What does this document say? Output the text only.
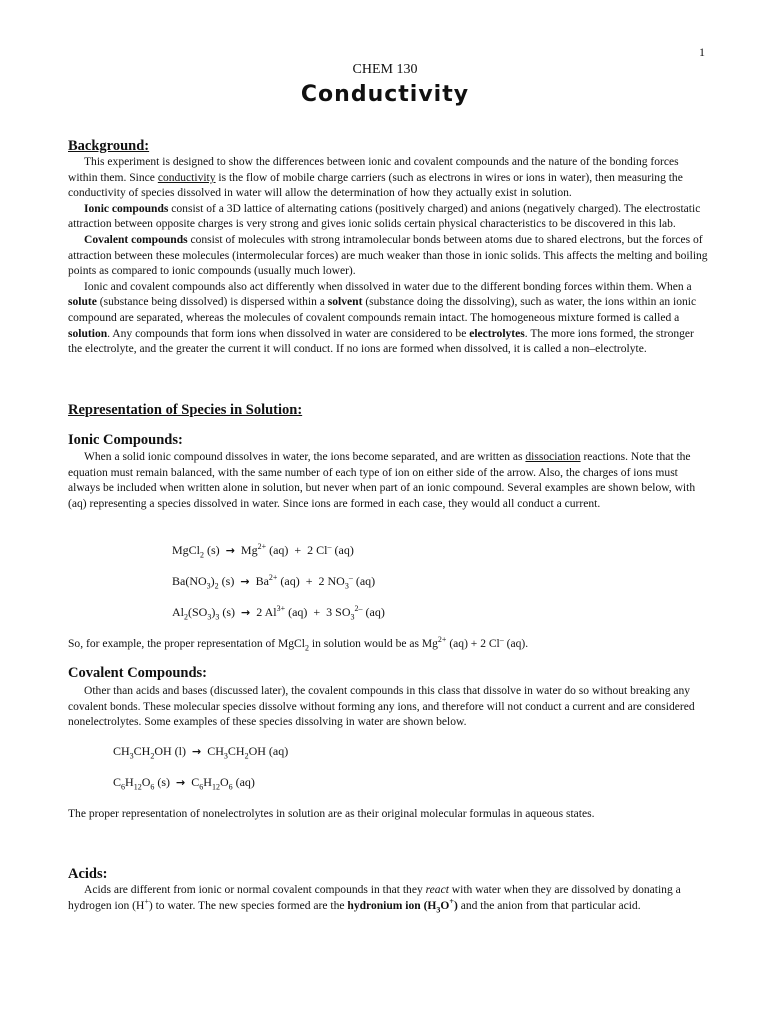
1
CHEM 130
Conductivity
Background:

This experiment is designed to show the differences between ionic and covalent compounds and the nature of the bonding forces within them. Since conductivity is the flow of mobile charge carriers (such as electrons in wires or ions in water), then measuring the conductivity of species dissolved in water will allow the determination of how they actually exist in solution.

Ionic compounds consist of a 3D lattice of alternating cations (positively charged) and anions (negatively charged). The electrostatic attraction between opposite charges is very strong and gives ionic solids certain physical characteristics to be discovered in this lab.

Covalent compounds consist of molecules with strong intramolecular bonds between atoms due to shared electrons, but the forces of attraction between these molecules (intermolecular forces) are much weaker than those in ionic solids. This affects the melting and boiling points as compared to ionic compounds (usually much lower).

Ionic and covalent compounds also act differently when dissolved in water due to the different bonding forces within them. When a solute (substance being dissolved) is dispersed within a solvent (substance doing the dissolving), such as water, the ions within an ionic compound are separated, whereas the molecules of covalent compounds remain intact. The homogeneous mixture formed is called a solution. Any compounds that form ions when dissolved in water are considered to be electrolytes. The more ions formed, the stronger the electrolyte, and the greater the current it will conduct. If no ions are formed when dissolved, it is called a non–electrolyte.

Representation of Species in Solution:
Ionic Compounds:

When a solid ionic compound dissolves in water, the ions become separated, and are written as dissociation reactions. Note that the equation must remain balanced, with the same number of each type of ion on either side of the arrow. Also, the charges of ions must always be included when written alone in solution, but never when part of an ionic compound. Several examples are shown below, with (aq) representing a species dissolved in water. Since ions are formed in each case, they would all conduct a current.

MgCl$_2$ $(s) \to Mg^{2+}$ (aq)  +  2 Cl– (aq)
$Ba(NO_3)_2$ $(s) \to Ba^{2+}$ (aq)  +  2 $NO_3^-$ (aq)
$Al_2(SO_3)_3$ (s)  →  2 $Al^{3+}$ (aq)  +  3 $SO_3^{2-}$ (aq)

So, for example, the proper representation of MgCl$_2$ in solution would be as $Mg^{2+}$ (aq) + 2 Cl– (aq).

Covalent Compounds:

Other than acids and bases (discussed later), the covalent compounds in this class that dissolve in water do so without breaking any covalent bonds. These molecular species dissolve without forming any ions, and therefore will not conduct a current and are considered nonelectrolytes. Some examples of these species dissolving in water are shown below.

$CH_3CH_2OH$ $(l) \to CH_3CH_2OH$ (aq)
$C_6H_{12}O_6$ $(s) \to C_6H_{12}O_6$ (aq)

The proper representation of nonelectrolytes in solution are as their original molecular formulas in aqueous states.

Acids:

Acids are different from ionic or normal covalent compounds in that they react with water when they are dissolved by donating a hydrogen ion (H+) to water. The new species formed are the hydronium ion $(H_3O^+)$ and the anion from that particular acid.
